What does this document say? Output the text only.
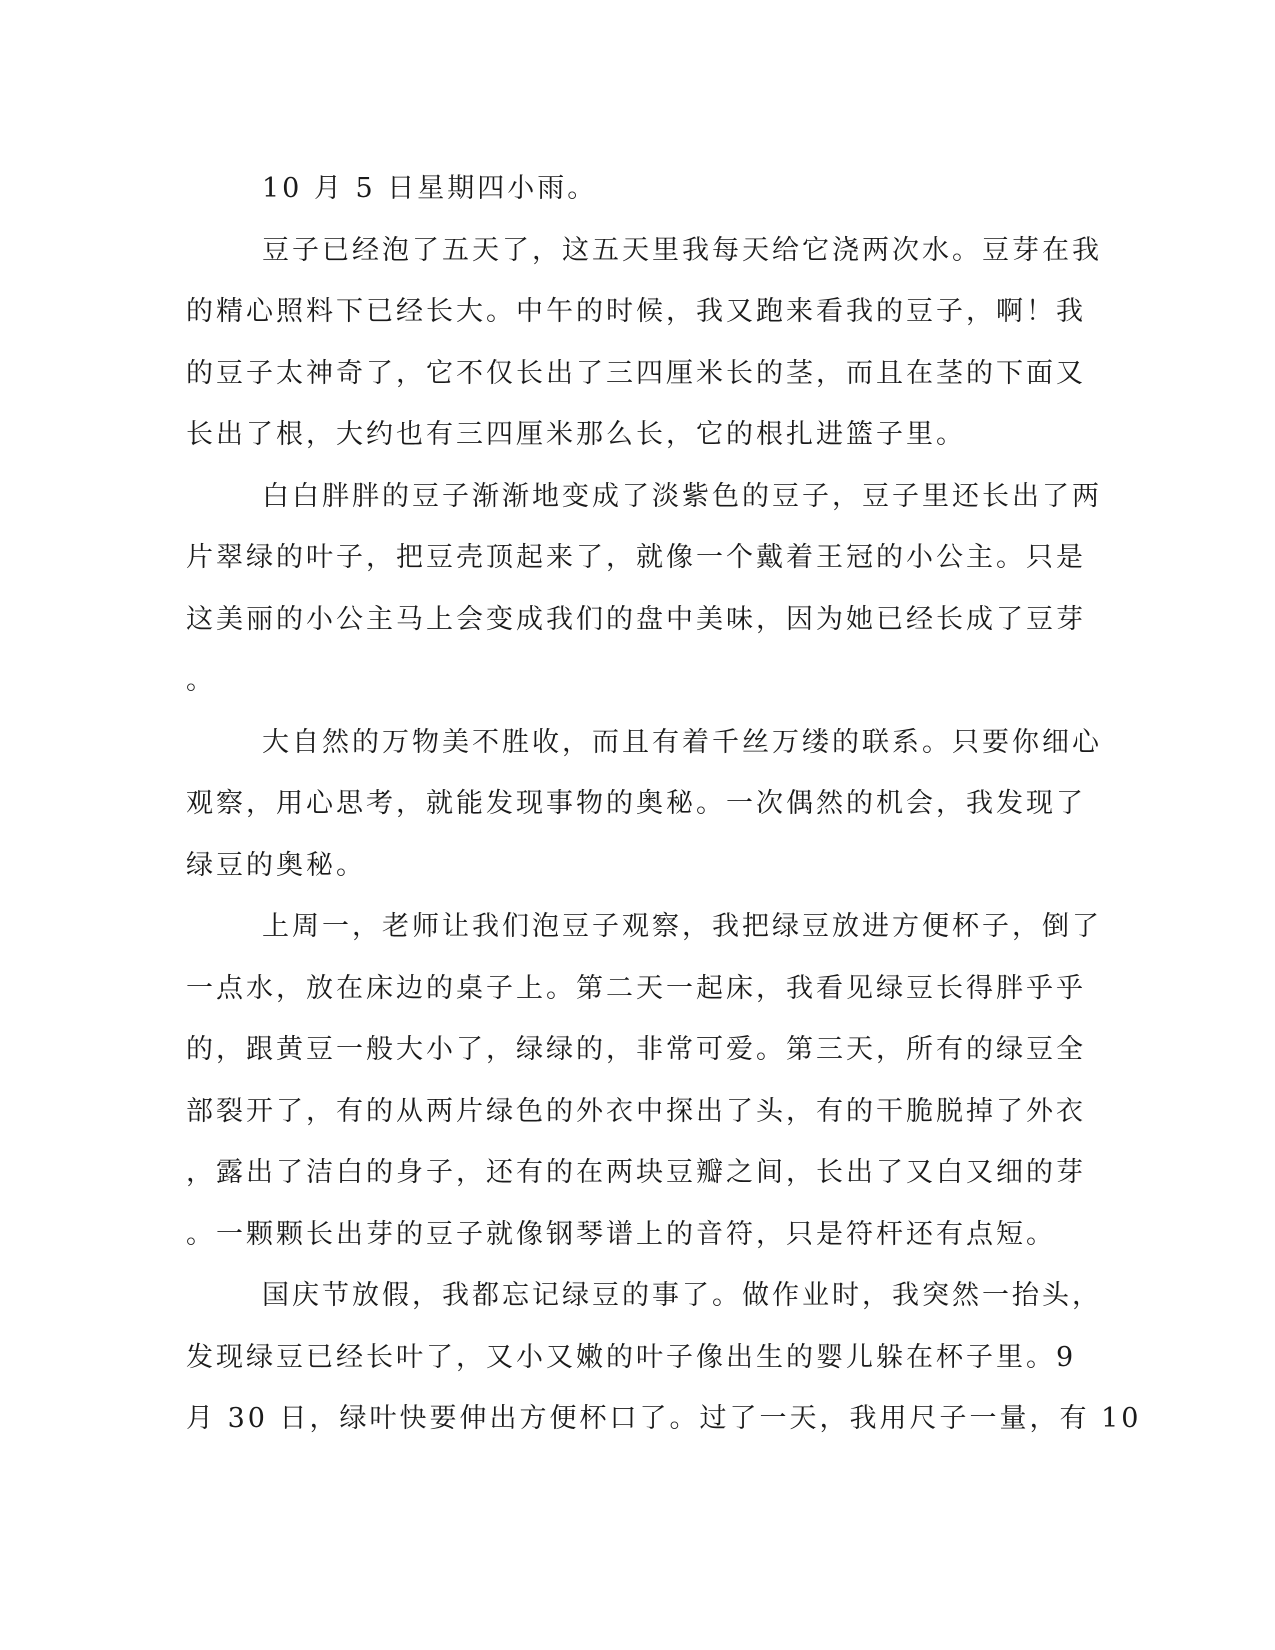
10 月 5 日星期四小雨。
豆子已经泡了五天了，这五天里我每天给它浇两次水。豆芽在我
的精心照料下已经长大。中午的时候，我又跑来看我的豆子，啊！我
的豆子太神奇了，它不仅长出了三四厘米长的茎，而且在茎的下面又
长出了根，大约也有三四厘米那么长，它的根扎进篮子里。
白白胖胖的豆子渐渐地变成了淡紫色的豆子，豆子里还长出了两
片翠绿的叶子，把豆壳顶起来了，就像一个戴着王冠的小公主。只是
这美丽的小公主马上会变成我们的盘中美味，因为她已经长成了豆芽
。
大自然的万物美不胜收，而且有着千丝万缕的联系。只要你细心
观察，用心思考，就能发现事物的奥秘。一次偶然的机会，我发现了
绿豆的奥秘。
上周一，老师让我们泡豆子观察，我把绿豆放进方便杯子，倒了
一点水，放在床边的桌子上。第二天一起床，我看见绿豆长得胖乎乎
的，跟黄豆一般大小了，绿绿的，非常可爱。第三天，所有的绿豆全
部裂开了，有的从两片绿色的外衣中探出了头，有的干脆脱掉了外衣
，露出了洁白的身子，还有的在两块豆瓣之间，长出了又白又细的芽
。一颗颗长出芽的豆子就像钢琴谱上的音符，只是符杆还有点短。
国庆节放假，我都忘记绿豆的事了。做作业时，我突然一抬头，
发现绿豆已经长叶了，又小又嫩的叶子像出生的婴儿躲在杯子里。9
月 30 日，绿叶快要伸出方便杯口了。过了一天，我用尺子一量，有 10
